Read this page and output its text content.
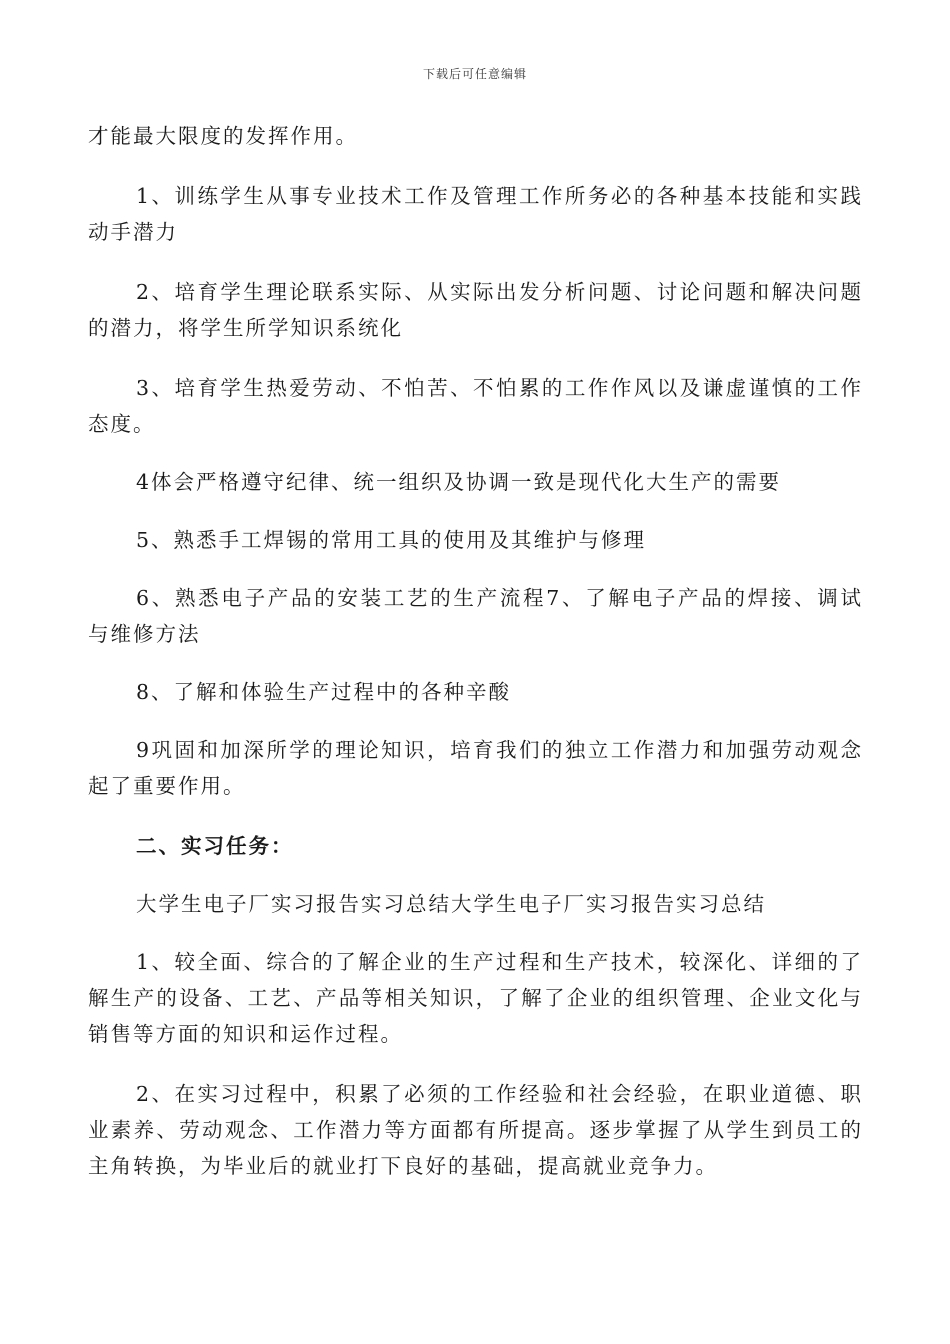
下载后可任意编辑

才能最大限度的发挥作用。

1、训练学生从事专业技术工作及管理工作所务必的各种基本技能和实践动手潜力

2、培育学生理论联系实际、从实际出发分析问题、讨论问题和解决问题的潜力，将学生所学知识系统化

3、培育学生热爱劳动、不怕苦、不怕累的工作作风以及谦虚谨慎的工作态度。

4体会严格遵守纪律、统一组织及协调一致是现代化大生产的需要

5、熟悉手工焊锡的常用工具的使用及其维护与修理

6、熟悉电子产品的安装工艺的生产流程7、了解电子产品的焊接、调试与维修方法

8、了解和体验生产过程中的各种辛酸

9巩固和加深所学的理论知识，培育我们的独立工作潜力和加强劳动观念起了重要作用。

二、实习任务：

大学生电子厂实习报告实习总结大学生电子厂实习报告实习总结

1、较全面、综合的了解企业的生产过程和生产技术，较深化、详细的了解生产的设备、工艺、产品等相关知识，了解了企业的组织管理、企业文化与销售等方面的知识和运作过程。

2、在实习过程中，积累了必须的工作经验和社会经验，在职业道德、职业素养、劳动观念、工作潜力等方面都有所提高。逐步掌握了从学生到员工的主角转换，为毕业后的就业打下良好的基础，提高就业竞争力。
